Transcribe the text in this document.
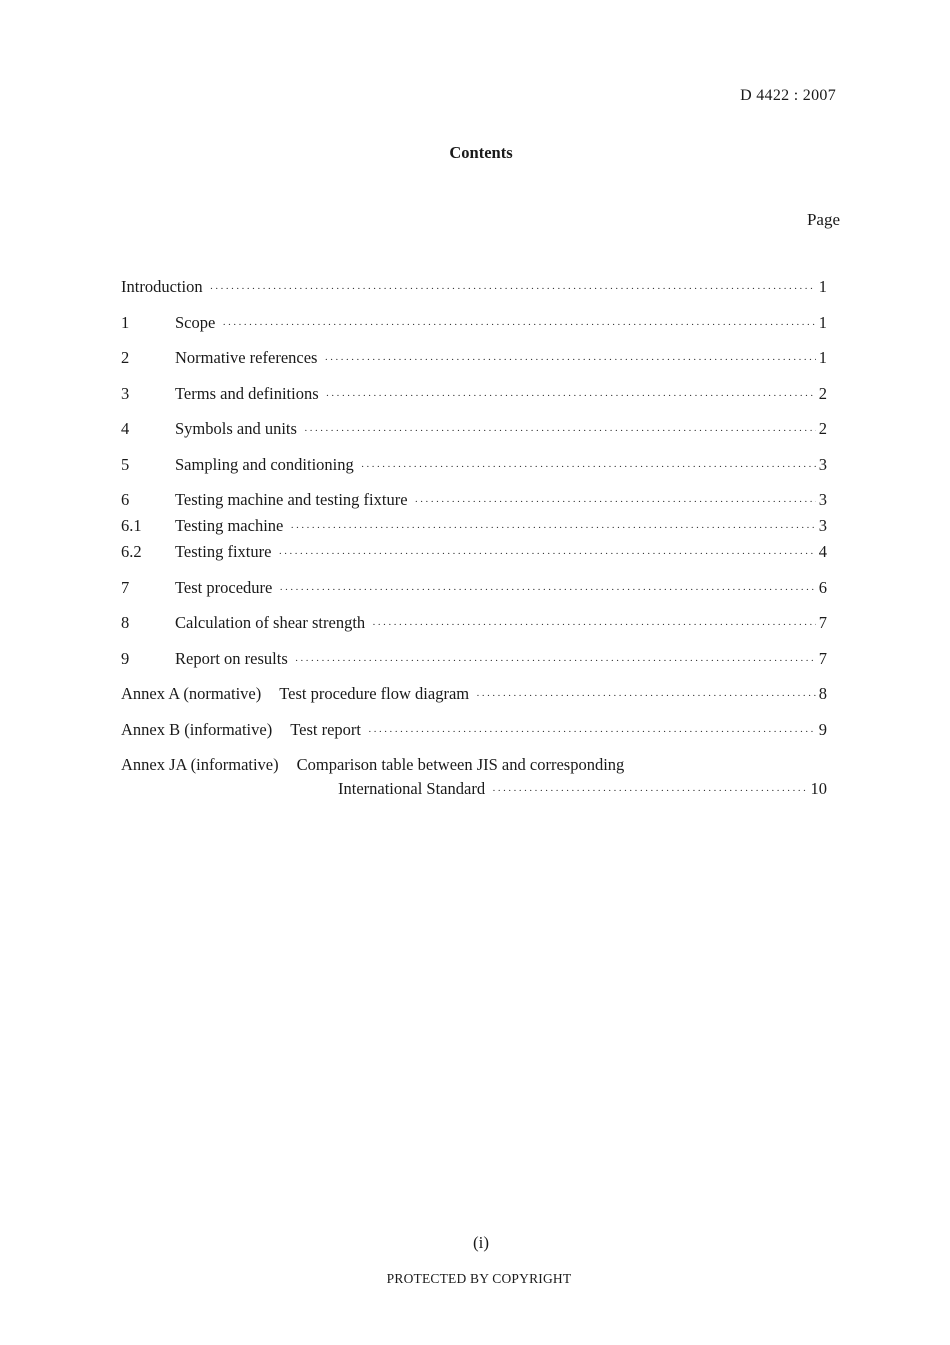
D 4422 : 2007
Contents
Page
Introduction ·····	1
1	Scope ·····	1
2	Normative references ·····	1
3	Terms and definitions ·····	2
4	Symbols and units ·····	2
5	Sampling and conditioning ·····	3
6	Testing machine and testing fixture ·····	3
6.1	Testing machine ·····	3
6.2	Testing fixture ·····	4
7	Test procedure ·····	6
8	Calculation of shear strength ·····	7
9	Report on results ·····	7
Annex A (normative) Test procedure flow diagram ·····	8
Annex B (informative) Test report ·····	9
Annex JA (informative) Comparison table between JIS and corresponding
International Standard ·····	10
(i)
PROTECTED BY COPYRIGHT
